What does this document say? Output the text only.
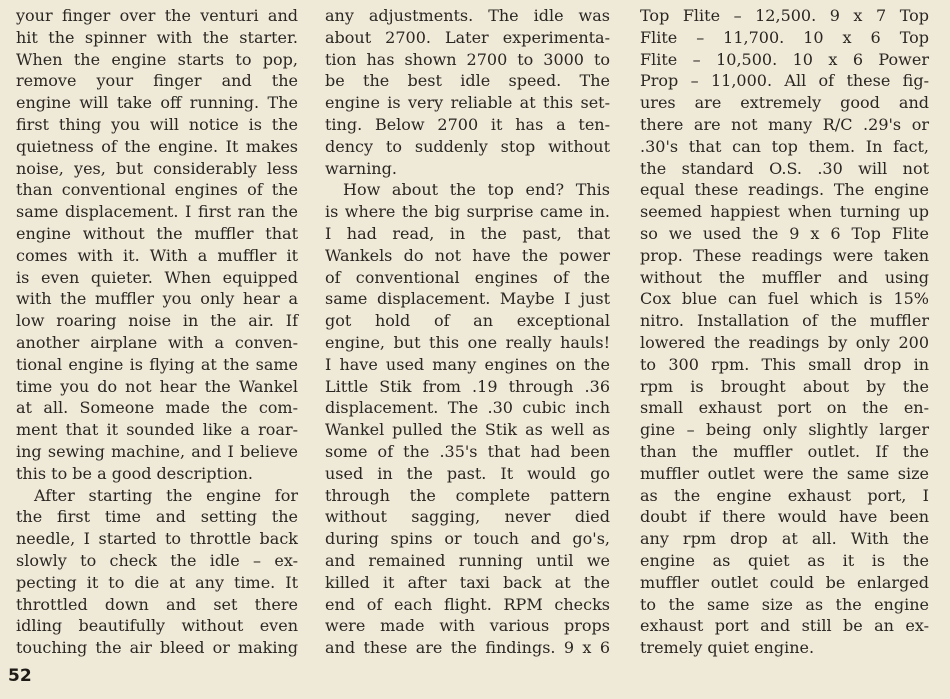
your finger over the venturi and
hit the spinner with the starter.
When the engine starts to pop,
remove your finger and the
engine will take off running. The
first thing you will notice is the
quietness of the engine. It makes
noise, yes, but considerably less
than conventional engines of the
same displacement. I first ran the
engine without the muffler that
comes with it. With a muffler it
is even quieter. When equipped
with the muffler you only hear a
low roaring noise in the air. If
another airplane with a conven-
tional engine is flying at the same
time you do not hear the Wankel
at all. Someone made the com-
ment that it sounded like a roar-
ing sewing machine, and I believe
this to be a good description.
After starting the engine for
the first time and setting the
needle, I started to throttle back
slowly to check the idle – ex-
pecting it to die at any time. It
throttled down and set there
idling beautifully without even
touching the air bleed or making
any adjustments. The idle was
about 2700. Later experimenta-
tion has shown 2700 to 3000 to
be the best idle speed. The
engine is very reliable at this set-
ting. Below 2700 it has a ten-
dency to suddenly stop without
warning.
How about the top end? This
is where the big surprise came in.
I had read, in the past, that
Wankels do not have the power
of conventional engines of the
same displacement. Maybe I just
got hold of an exceptional
engine, but this one really hauls!
I have used many engines on the
Little Stik from .19 through .36
displacement. The .30 cubic inch
Wankel pulled the Stik as well as
some of the .35's that had been
used in the past. It would go
through the complete pattern
without sagging, never died
during spins or touch and go's,
and remained running until we
killed it after taxi back at the
end of each flight. RPM checks
were made with various props
and these are the findings. 9 x 6
Top Flite – 12,500. 9 x 7 Top
Flite – 11,700. 10 x 6 Top
Flite – 10,500. 10 x 6 Power
Prop – 11,000. All of these fig-
ures are extremely good and
there are not many R/C .29's or
.30's that can top them. In fact,
the standard O.S. .30 will not
equal these readings. The engine
seemed happiest when turning up
so we used the 9 x 6 Top Flite
prop. These readings were taken
without the muffler and using
Cox blue can fuel which is 15%
nitro. Installation of the muffler
lowered the readings by only 200
to 300 rpm. This small drop in
rpm is brought about by the
small exhaust port on the en-
gine – being only slightly larger
than the muffler outlet. If the
muffler outlet were the same size
as the engine exhaust port, I
doubt if there would have been
any rpm drop at all. With the
engine as quiet as it is the
muffler outlet could be enlarged
to the same size as the engine
exhaust port and still be an ex-
tremely quiet engine.
52
